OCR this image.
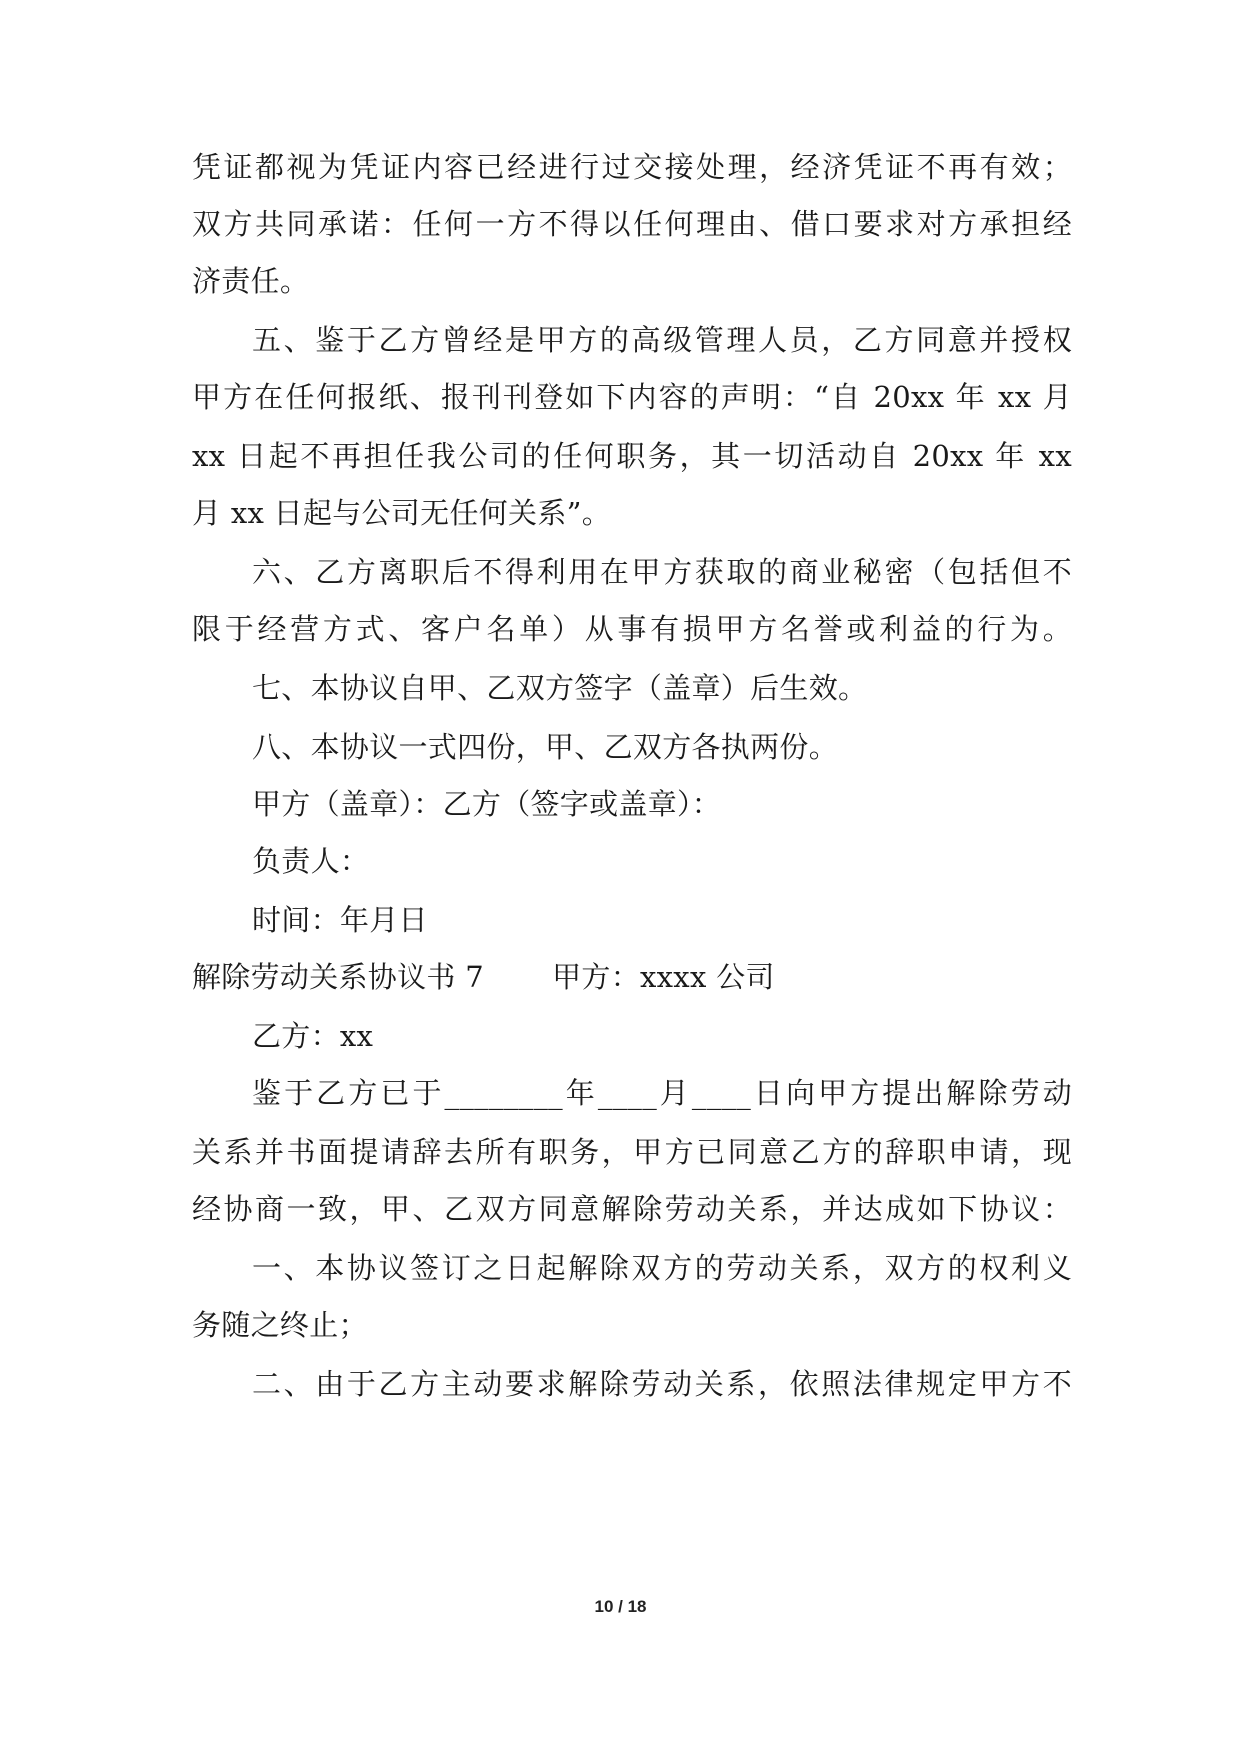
凭证都视为凭证内容已经进行过交接处理，经济凭证不再有效；
双方共同承诺：任何一方不得以任何理由、借口要求对方承担经
济责任。
五、鉴于乙方曾经是甲方的高级管理人员，乙方同意并授权
甲方在任何报纸、报刊刊登如下内容的声明：“自 20xx 年 xx 月
xx 日起不再担任我公司的任何职务，其一切活动自 20xx 年 xx
月 xx 日起与公司无任何关系”。
六、乙方离职后不得利用在甲方获取的商业秘密（包括但不
限于经营方式、客户名单）从事有损甲方名誉或利益的行为。
七、本协议自甲、乙双方签字（盖章）后生效。
八、本协议一式四份，甲、乙双方各执两份。
甲方（盖章）：乙方（签字或盖章）：
负责人：
时间：年月日
解除劳动关系协议书 7　　 甲方：xxxx 公司
乙方：xx
鉴于乙方已于________年____月____日向甲方提出解除劳动
关系并书面提请辞去所有职务，甲方已同意乙方的辞职申请，现
经协商一致，甲、乙双方同意解除劳动关系，并达成如下协议：
一、本协议签订之日起解除双方的劳动关系，双方的权利义
务随之终止；
二、由于乙方主动要求解除劳动关系，依照法律规定甲方不
10 / 18
